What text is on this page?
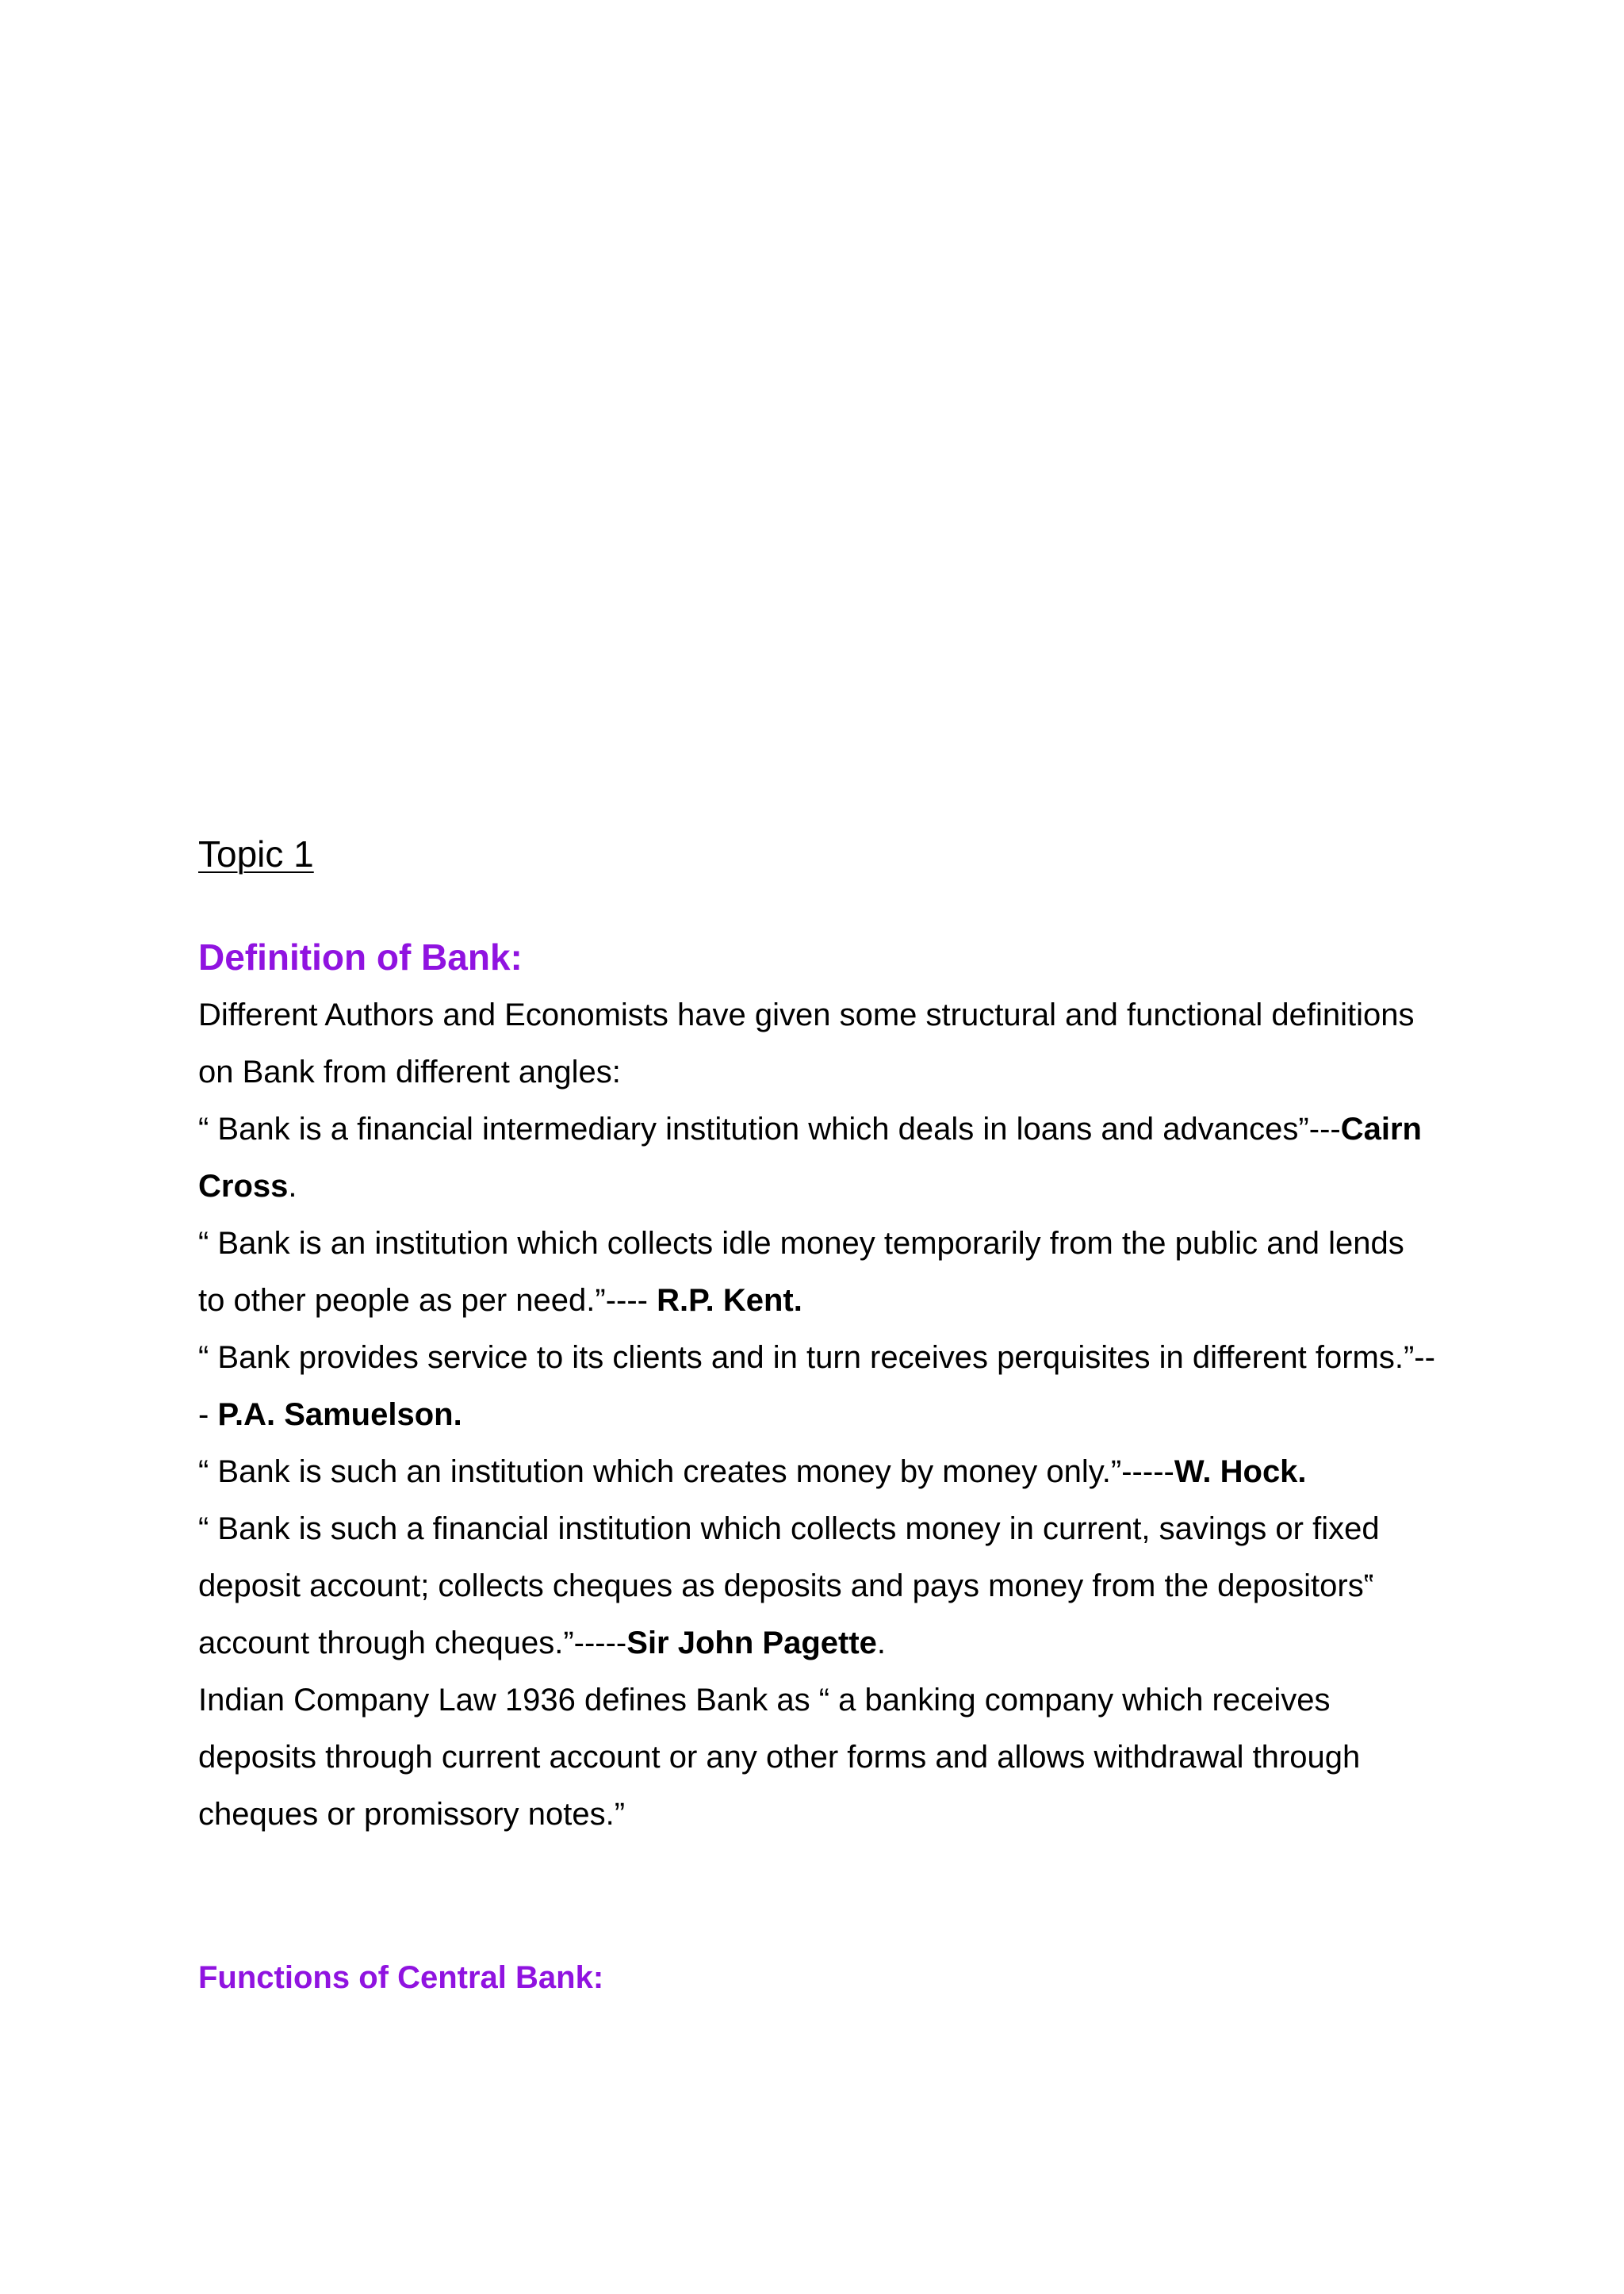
Topic 1
Definition of Bank:

Different Authors and Economists have given some structural and functional definitions on Bank from different angles:

“ Bank is a financial intermediary institution which deals in loans and advances”---Cairn Cross.

“ Bank is an institution which collects idle money temporarily from the public and lends to other people as per need.”---- R.P. Kent.

“ Bank provides service to its clients and in turn receives perquisites in different forms.”--- P.A. Samuelson.

“ Bank is such an institution which creates money by money only.”-----W. Hock.

“ Bank is such a financial institution which collects money in current, savings or fixed deposit account; collects cheques as deposits and pays money from the depositors‟ account through cheques.”-----Sir John Pagette.

Indian Company Law 1936 defines Bank as “ a banking company which receives deposits through current account or any other forms and allows withdrawal through cheques or promissory notes.”

Functions of Central Bank:
